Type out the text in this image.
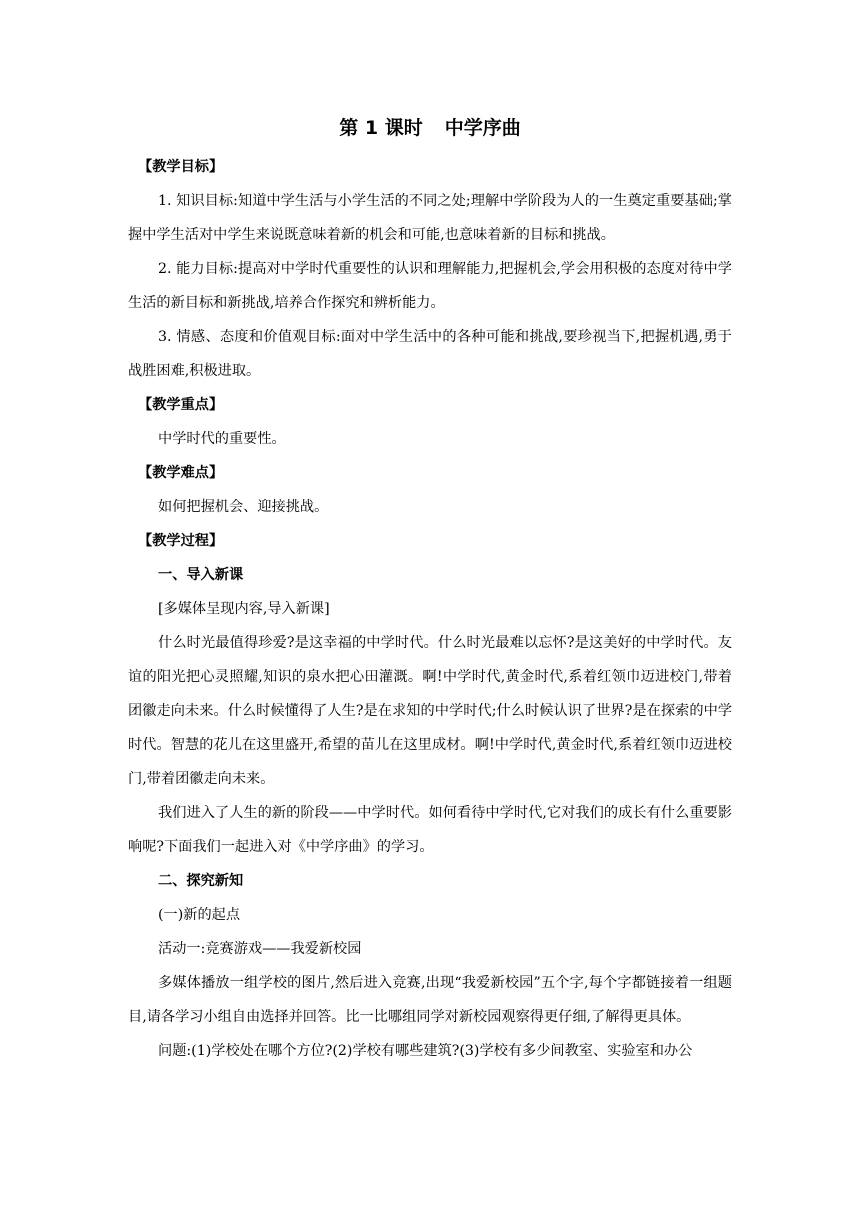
第 1 课时 中学序曲

【教学目标】

1. 知识目标:知道中学生活与小学生活的不同之处;理解中学阶段为人的一生奠定重要基础;掌握中学生活对中学生来说既意味着新的机会和可能,也意味着新的目标和挑战。

2. 能力目标:提高对中学时代重要性的认识和理解能力,把握机会,学会用积极的态度对待中学生活的新目标和新挑战,培养合作探究和辨析能力。

3. 情感、态度和价值观目标:面对中学生活中的各种可能和挑战,要珍视当下,把握机遇,勇于战胜困难,积极进取。

【教学重点】

中学时代的重要性。

【教学难点】

如何把握机会、迎接挑战。

【教学过程】

一、导入新课

[多媒体呈现内容,导入新课]

什么时光最值得珍爱?是这幸福的中学时代。什么时光最难以忘怀?是这美好的中学时代。友谊的阳光把心灵照耀,知识的泉水把心田灌溉。啊!中学时代,黄金时代,系着红领巾迈进校门,带着团徽走向未来。什么时候懂得了人生?是在求知的中学时代;什么时候认识了世界?是在探索的中学时代。智慧的花儿在这里盛开,希望的苗儿在这里成材。啊!中学时代,黄金时代,系着红领巾迈进校门,带着团徽走向未来。

我们进入了人生的新的阶段——中学时代。如何看待中学时代,它对我们的成长有什么重要影响呢?下面我们一起进入对《中学序曲》的学习。

二、探究新知

(一)新的起点

活动一:竞赛游戏——我爱新校园

多媒体播放一组学校的图片,然后进入竞赛,出现“我爱新校园”五个字,每个字都链接着一组题目,请各学习小组自由选择并回答。比一比哪组同学对新校园观察得更仔细,了解得更具体。

问题:(1)学校处在哪个方位?(2)学校有哪些建筑?(3)学校有多少间教室、实验室和办公
